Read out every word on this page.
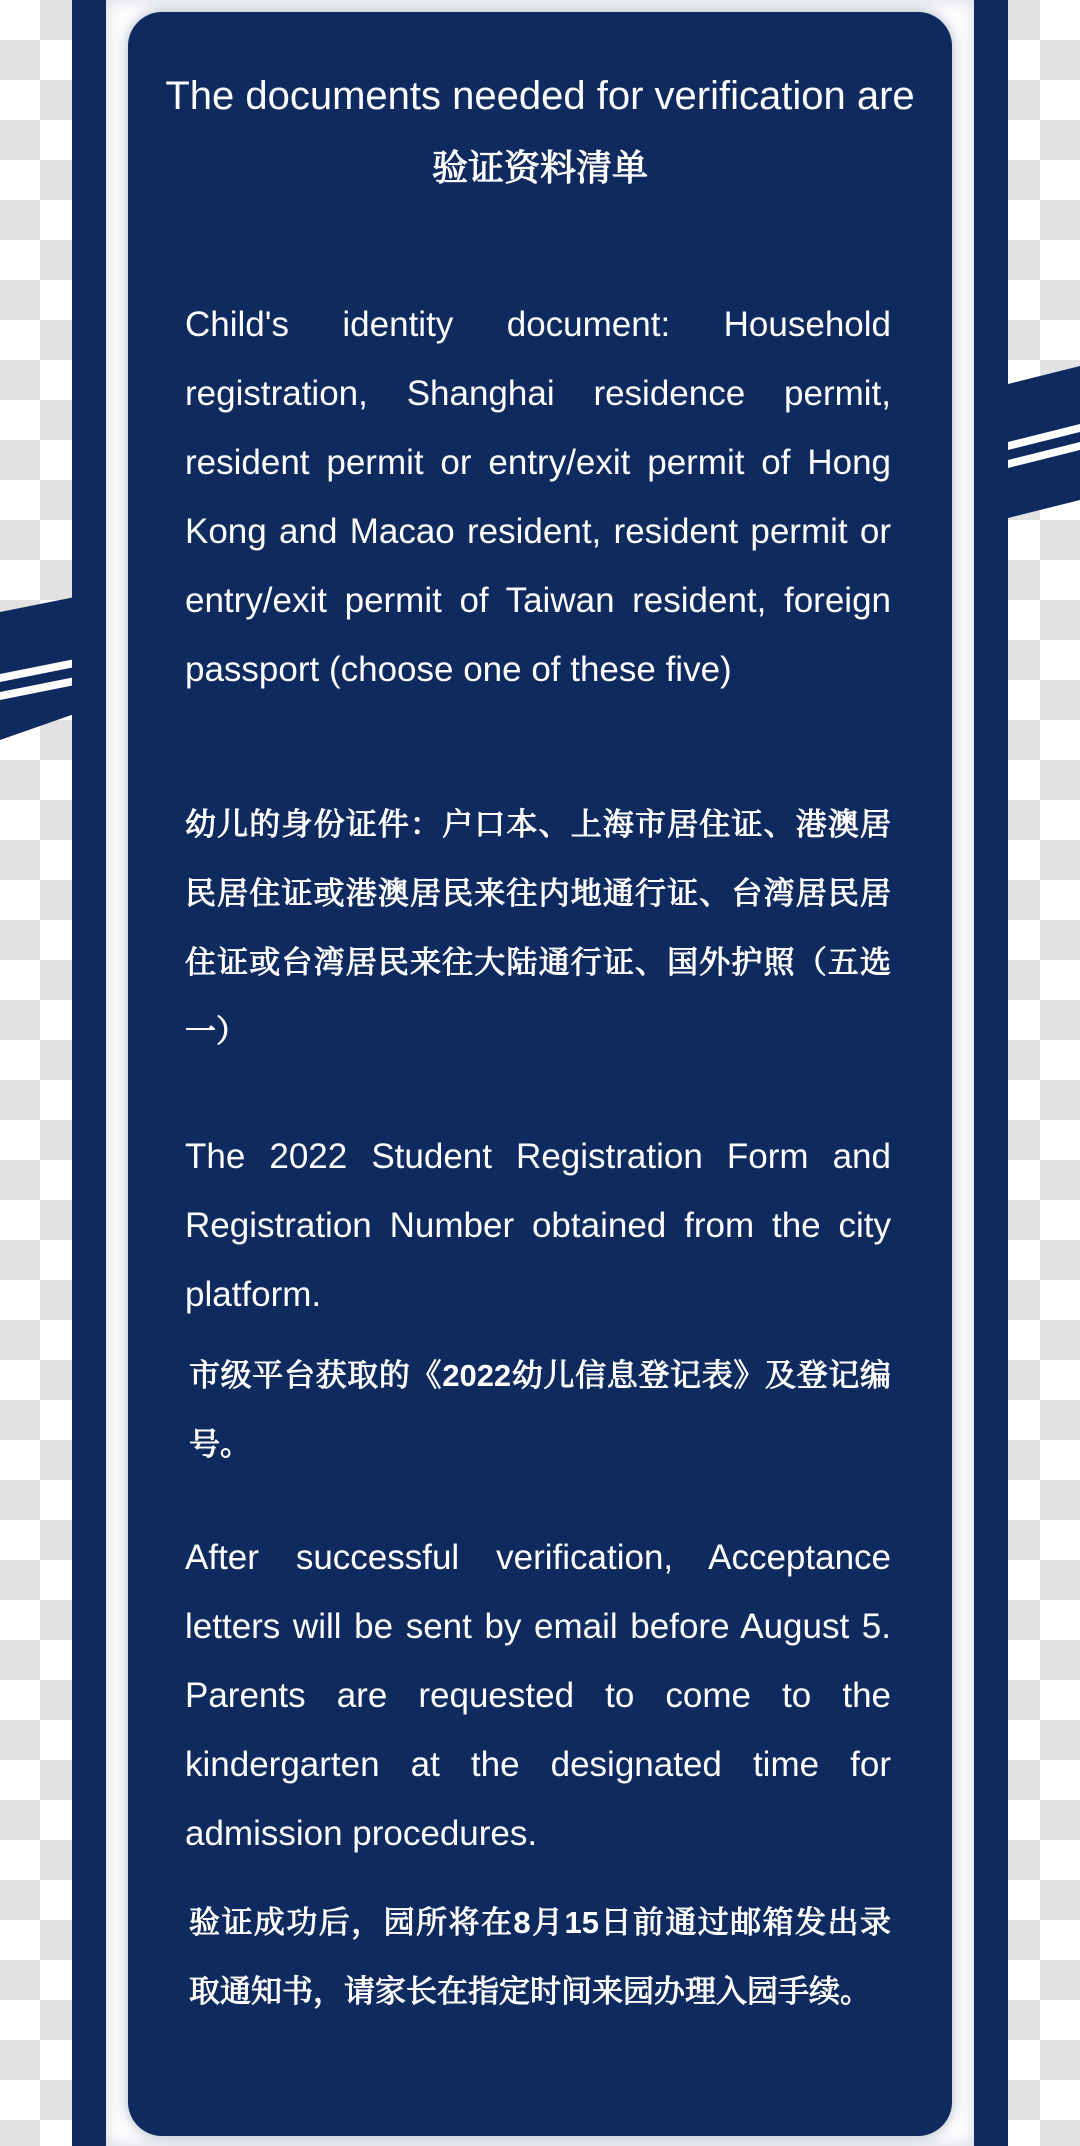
The documents needed for verification are
验证资料清单
Child's identity document: Household registration, Shanghai residence permit, resident permit or entry/exit permit of Hong Kong and Macao resident, resident permit or entry/exit permit of Taiwan resident, foreign passport (choose one of these five)
幼儿的身份证件：户口本、上海市居住证、港澳居民居住证或港澳居民来往内地通行证、台湾居民居住证或台湾居民来往大陆通行证、国外护照（五选一）
The 2022 Student Registration Form and Registration Number obtained from the city platform.
市级平台获取的《2022幼儿信息登记表》及登记编号。
After successful verification, Acceptance letters will be sent by email before August 5. Parents are requested to come to the kindergarten at the designated time for admission procedures.
验证成功后，园所将在8月15日前通过邮箱发出录取通知书，请家长在指定时间来园办理入园手续。
